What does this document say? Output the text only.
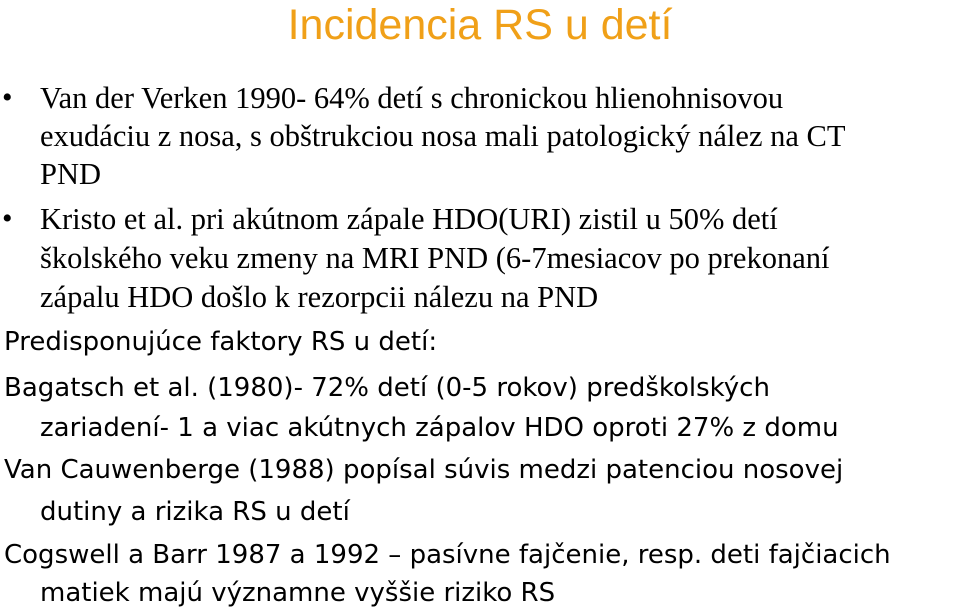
Incidencia RS u detí
• Van der Verken 1990- 64% detí s chronickou hlienohnisovou

exudáciu z nosa, s obštrukciou nosa mali patologický nález na CT

PND

• Kristo et al. pri akútnom zápale HDO(URI) zistil u 50% detí

školského veku zmeny na MRI PND (6-7mesiacov po prekonaní

zápalu HDO došlo k rezorpcii nálezu na PND

Predisponujúce faktory RS u detí:

Bagatsch et al. (1980)- 72% detí (0-5 rokov) predškolských

zariadení- 1 a viac akútnych zápalov HDO oproti 27% z domu

Van Cauwenberge (1988) popísal súvis medzi patenciou nosovej

dutiny a rizika RS u detí

Cogswell a Barr 1987 a 1992 – pasívne fajčenie, resp. deti fajčiacich

matiek majú významne vyššie riziko RS
